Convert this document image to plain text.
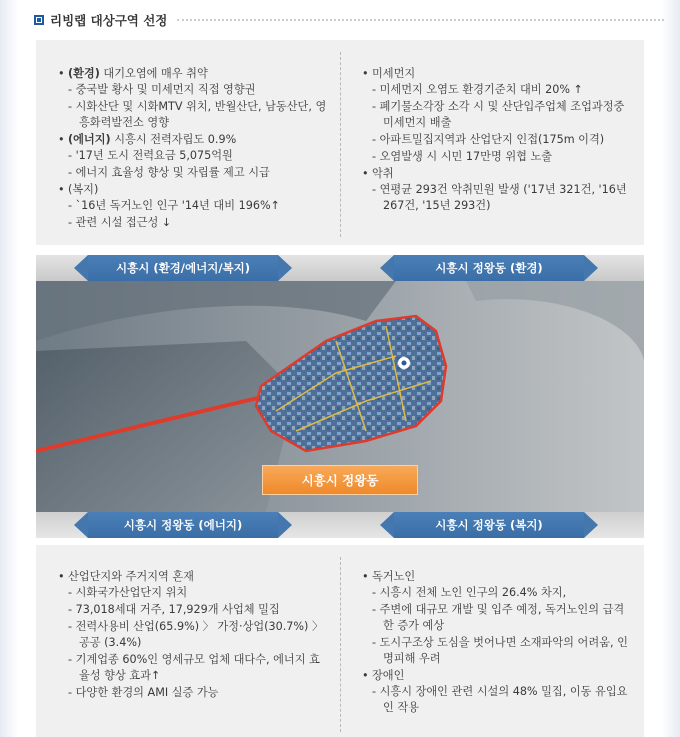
리빙랩 대상구역 선정
• (환경) 대기오염에 매우 취약
- 중국발 황사 및 미세먼지 직접 영향권
- 시화산단 및 시화MTV 위치, 반월산단, 남동산단, 영흥화력발전소 영향
• (에너지) 시흥시 전력자립도 0.9%
- '17년 도시 전력요금 5,075억원
- 에너지 효율성 향상 및 자립률 제고 시급
• (복지)
- `16년 독거노인 인구 '14년 대비 196%↑
- 관련 시설 접근성 ↓
• 미세먼지
- 미세먼지 오염도 환경기준치 대비 20% ↑
- 폐기물소각장 소각 시 및 산단입주업체 조업과정중 미세먼지 배출
- 아파트밀집지역과 산업단지 인접(175m 이격)
- 오염발생 시 시민 17만명 위협 노출
• 악취
- 연평균 293건 악취민원 발생 ('17년 321건, '16년 267건, '15년 293건)
시흥시 (환경/에너지/복지)	시흥시 정왕동 (환경)
시흥시 정왕동
시흥시 정왕동 (에너지)	시흥시 정왕동 (복지)
• 산업단지와 주거지역 혼재
- 시화국가산업단지 위치
- 73,018세대 거주, 17,929개 사업체 밀집
- 전력사용비 산업(65.9%) 〉 가정·상업(30.7%) 〉 공공 (3.4%)
- 기계업종 60%인 영세규모 업체 대다수, 에너지 효율성 향상 효과↑
- 다양한 환경의 AMI 실증 가능
• 독거노인
- 시흥시 전체 노인 인구의 26.4% 차지,
- 주변에 대규모 개발 및 입주 예정, 독거노인의 급격한 증가 예상
- 도시구조상 도심을 벗어나면 소재파악의 어려움, 인명피해 우려
• 장애인
- 시흥시 장애인 관련 시설의 48% 밀집, 이동 유입요인 작용
